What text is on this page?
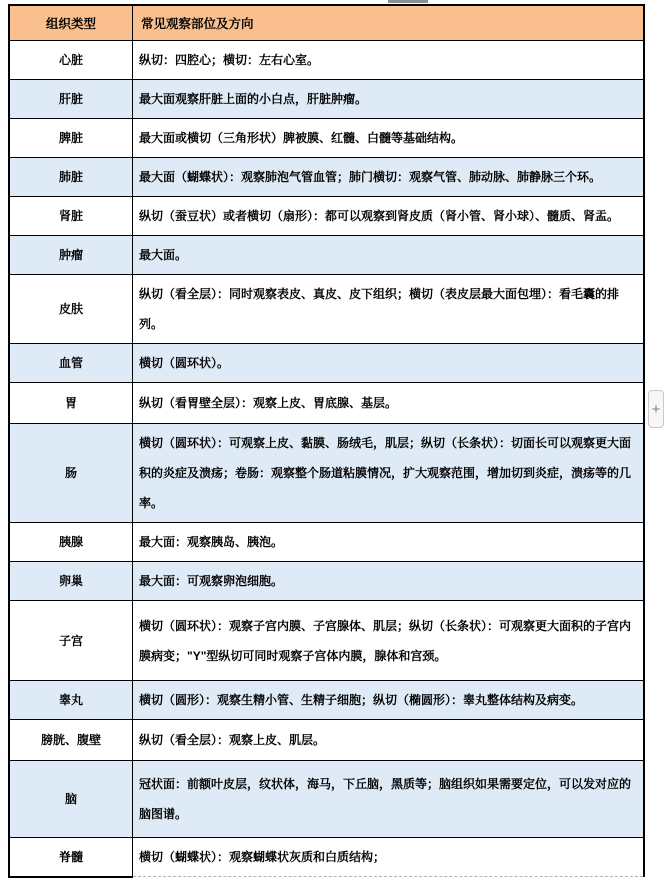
组织类型	常见观察部位及方向
心脏	纵切：四腔心；横切：左右心室。
肝脏	最大面观察肝脏上面的小白点，肝脏肿瘤。
脾脏	最大面或横切（三角形状）脾被膜、红髓、白髓等基础结构。
肺脏	最大面（蝴蝶状）：观察肺泡气管血管；肺门横切：观察气管、肺动脉、肺静脉三个环。
肾脏	纵切（蚕豆状）或者横切（扇形）：都可以观察到肾皮质（肾小管、肾小球）、髓质、肾盂。
肿瘤	最大面。
皮肤	纵切（看全层）：同时观察表皮、真皮、皮下组织；横切（表皮层最大面包埋）：看毛囊的排列。
血管	横切（圆环状）。
胃	纵切（看胃壁全层）：观察上皮、胃底腺、基层。
肠	横切（圆环状）：可观察上皮、黏膜、肠绒毛，肌层；纵切（长条状）：切面长可以观察更大面积的炎症及溃疡；卷肠：观察整个肠道粘膜情况，扩大观察范围，增加切到炎症，溃疡等的几率。
胰腺	最大面：观察胰岛、胰泡。
卵巢	最大面：可观察卵泡细胞。
子宫	横切（圆环状）：观察子宫内膜、子宫腺体、肌层；纵切（长条状）：可观察更大面积的子宫内膜病变；"Y"型纵切可同时观察子宫体内膜，腺体和宫颈。
睾丸	横切（圆形）：观察生精小管、生精子细胞；纵切（椭圆形）：睾丸整体结构及病变。
膀胱、腹壁	纵切（看全层）：观察上皮、肌层。
脑	冠状面：前额叶皮层，纹状体，海马，下丘脑，黑质等；脑组织如果需要定位，可以发对应的脑图谱。
脊髓	横切（蝴蝶状）：观察蝴蝶状灰质和白质结构；
+
